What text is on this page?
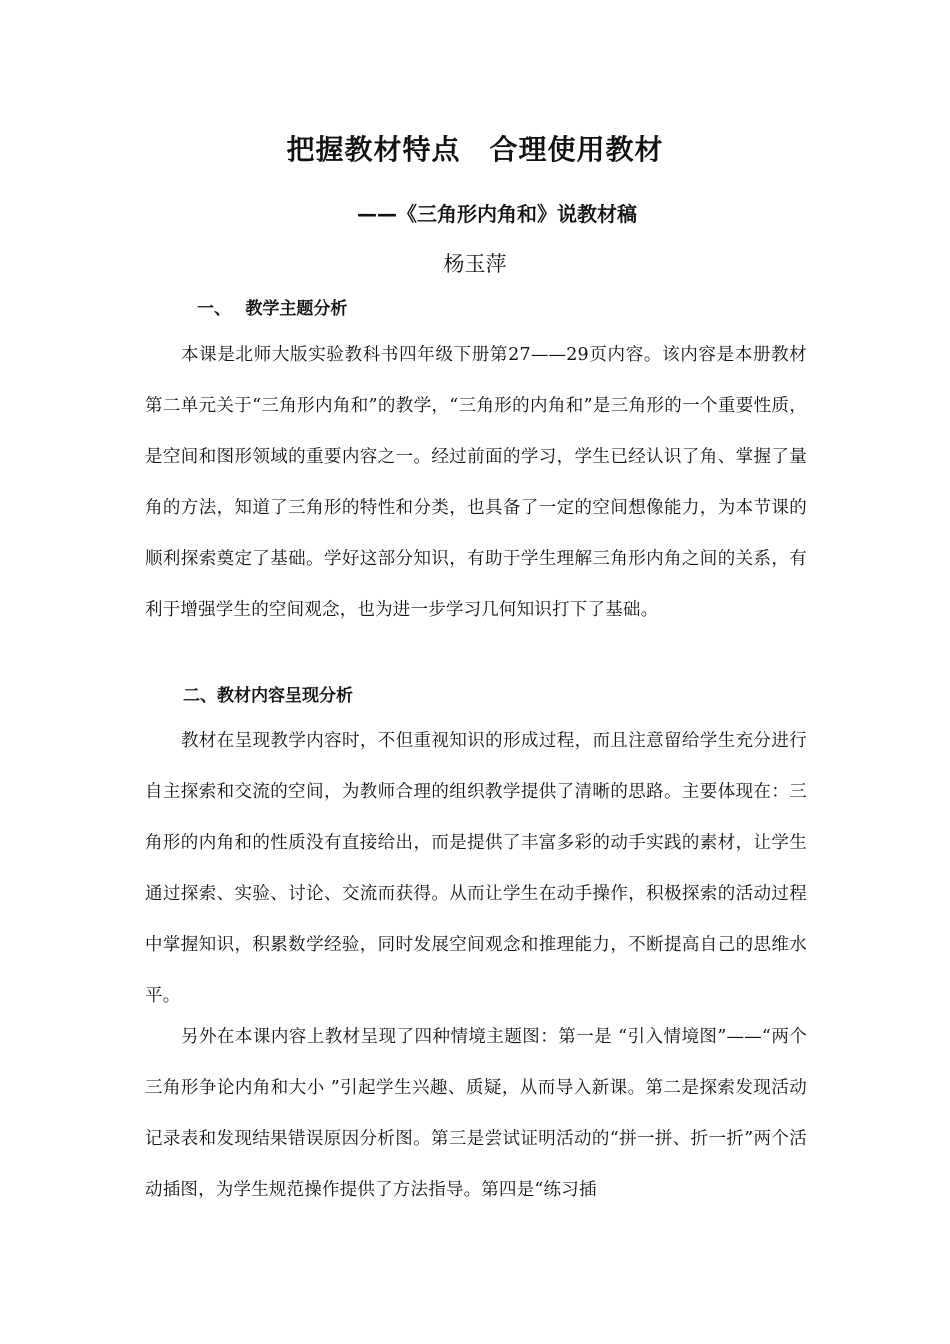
把握教材特点　合理使用教材
——《三角形内角和》说教材稿
杨玉萍
一、　 教学主题分析

本课是北师大版实验教科书四年级下册第27——29页内容。该内容是本册教材第二单元关于“三角形内角和”的教学，“三角形的内角和”是三角形的一个重要性质，是空间和图形领域的重要内容之一。经过前面的学习，学生已经认识了角、掌握了量角的方法，知道了三角形的特性和分类，也具备了一定的空间想像能力，为本节课的顺利探索奠定了基础。学好这部分知识，有助于学生理解三角形内角之间的关系，有利于增强学生的空间观念，也为进一步学习几何知识打下了基础。

二、教材内容呈现分析

教材在呈现教学内容时，不但重视知识的形成过程，而且注意留给学生充分进行自主探索和交流的空间，为教师合理的组织教学提供了清晰的思路。主要体现在：三角形的内角和的性质没有直接给出，而是提供了丰富多彩的动手实践的素材，让学生通过探索、实验、讨论、交流而获得。从而让学生在动手操作，积极探索的活动过程中掌握知识，积累数学经验，同时发展空间观念和推理能力，不断提高自己的思维水平。

另外在本课内容上教材呈现了四种情境主题图：第一是 “引入情境图”——“两个三角形争论内角和大小 ”引起学生兴趣、质疑，从而导入新课。第二是探索发现活动记录表和发现结果错误原因分析图。第三是尝试证明活动的“拼一拼、折一折”两个活动插图，为学生规范操作提供了方法指导。第四是“练习插
